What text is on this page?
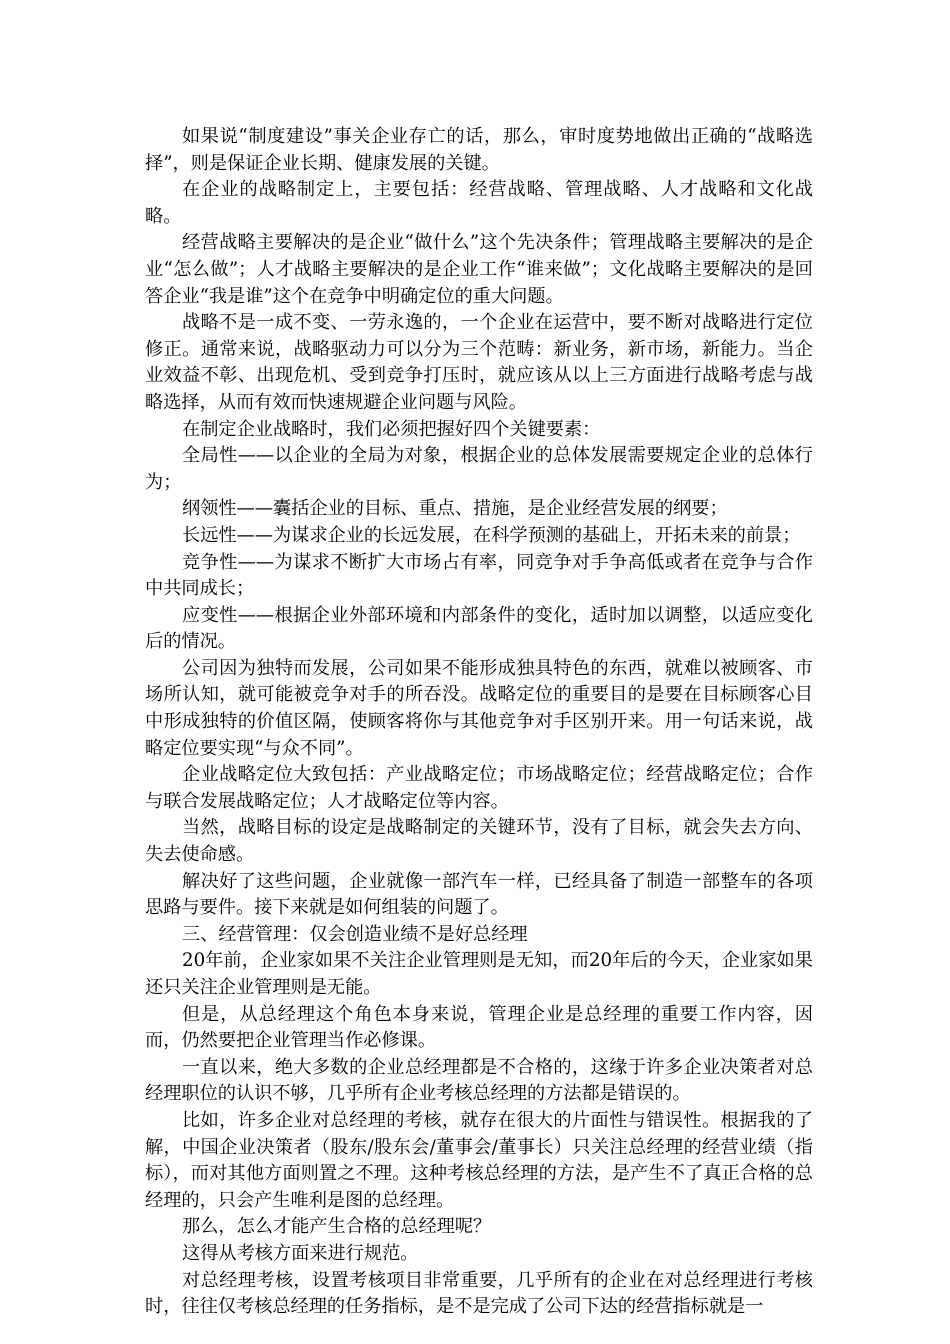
如果说“制度建设”事关企业存亡的话，那么，审时度势地做出正确的“战略选择”，则是保证企业长期、健康发展的关键。

在企业的战略制定上，主要包括：经营战略、管理战略、人才战略和文化战略。

经营战略主要解决的是企业“做什么”这个先决条件；管理战略主要解决的是企业“怎么做”；人才战略主要解决的是企业工作“谁来做”；文化战略主要解决的是回答企业“我是谁”这个在竞争中明确定位的重大问题。

战略不是一成不变、一劳永逸的，一个企业在运营中，要不断对战略进行定位修正。通常来说，战略驱动力可以分为三个范畴：新业务，新市场，新能力。当企业效益不彰、出现危机、受到竞争打压时，就应该从以上三方面进行战略考虑与战略选择，从而有效而快速规避企业问题与风险。

在制定企业战略时，我们必须把握好四个关键要素：

全局性——以企业的全局为对象，根据企业的总体发展需要规定企业的总体行为；

纲领性——囊括企业的目标、重点、措施，是企业经营发展的纲要；

长远性——为谋求企业的长远发展，在科学预测的基础上，开拓未来的前景；

竞争性——为谋求不断扩大市场占有率，同竞争对手争高低或者在竞争与合作中共同成长；

应变性——根据企业外部环境和内部条件的变化，适时加以调整，以适应变化后的情况。

公司因为独特而发展，公司如果不能形成独具特色的东西，就难以被顾客、市场所认知，就可能被竞争对手的所吞没。战略定位的重要目的是要在目标顾客心目中形成独特的价值区隔，使顾客将你与其他竞争对手区别开来。用一句话来说，战略定位要实现“与众不同”。

企业战略定位大致包括：产业战略定位；市场战略定位；经营战略定位；合作与联合发展战略定位；人才战略定位等内容。

当然，战略目标的设定是战略制定的关键环节，没有了目标，就会失去方向、失去使命感。

解决好了这些问题，企业就像一部汽车一样，已经具备了制造一部整车的各项思路与要件。接下来就是如何组装的问题了。

三、经营管理：仅会创造业绩不是好总经理

20年前，企业家如果不关注企业管理则是无知，而20年后的今天，企业家如果还只关注企业管理则是无能。

但是，从总经理这个角色本身来说，管理企业是总经理的重要工作内容，因而，仍然要把企业管理当作必修课。

一直以来，绝大多数的企业总经理都是不合格的，这缘于许多企业决策者对总经理职位的认识不够，几乎所有企业考核总经理的方法都是错误的。

比如，许多企业对总经理的考核，就存在很大的片面性与错误性。根据我的了解，中国企业决策者（股东/股东会/董事会/董事长）只关注总经理的经营业绩（指标），而对其他方面则置之不理。这种考核总经理的方法，是产生不了真正合格的总经理的，只会产生唯利是图的总经理。

那么，怎么才能产生合格的总经理呢？

这得从考核方面来进行规范。

对总经理考核，设置考核项目非常重要，几乎所有的企业在对总经理进行考核时，往往仅考核总经理的任务指标，是不是完成了公司下达的经营指标就是一
